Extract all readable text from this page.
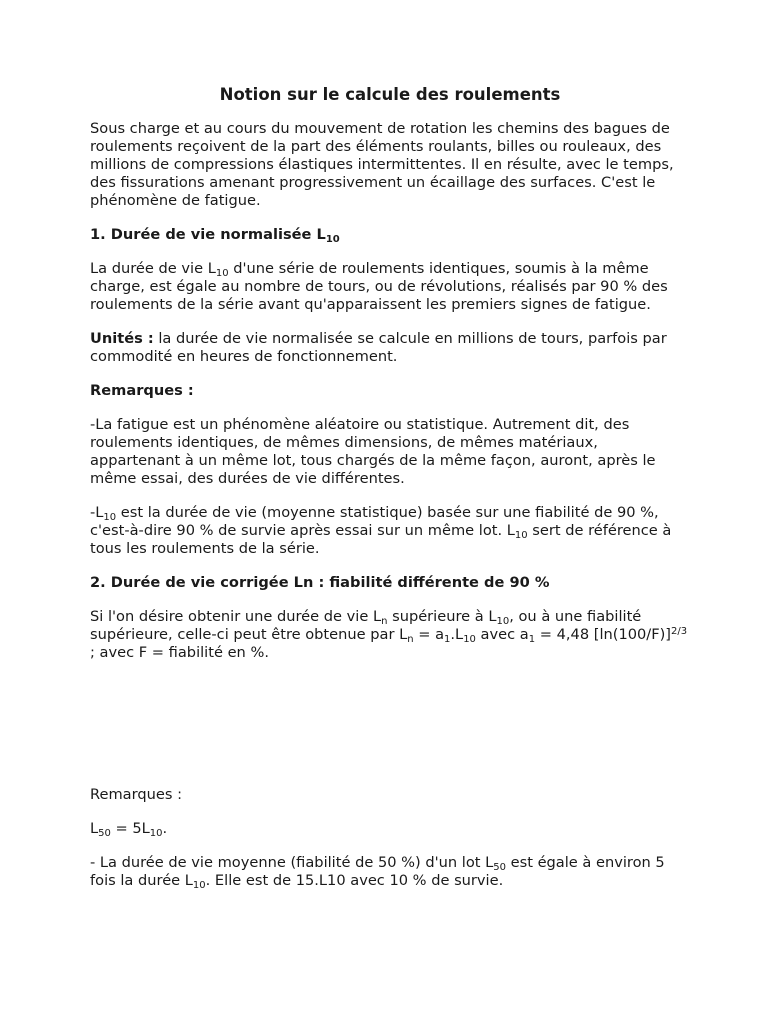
Notion sur le calcule des roulements

Sous charge et au cours du mouvement de rotation les chemins des bagues de roulements reçoivent de la part des éléments roulants, billes ou rouleaux, des millions de compressions élastiques intermittentes. Il en résulte, avec le temps, des fissurations amenant progressivement un écaillage des surfaces. C'est le phénomène de fatigue.

1. Durée de vie normalisée $L_{10}$

La durée de vie $L_{10}$ d'une série de roulements identiques, soumis à la même charge, est égale au nombre de tours, ou de révolutions, réalisés par 90 % des roulements de la série avant qu'apparaissent les premiers signes de fatigue.

Unités : la durée de vie normalisée se calcule en millions de tours, parfois par commodité en heures de fonctionnement.

Remarques :

-La fatigue est un phénomène aléatoire ou statistique. Autrement dit, des roulements identiques, de mêmes dimensions, de mêmes matériaux, appartenant à un même lot, tous chargés de la même façon, auront, après le même essai, des durées de vie différentes.

$-L_{10}$ est la durée de vie (moyenne statistique) basée sur une fiabilité de 90 %, c'est-à-dire 90 % de survie après essai sur un même lot. $L_{10}$ sert de référence à tous les roulements de la série.

2. Durée de vie corrigée Ln : fiabilité différente de 90 %

Si l'on désire obtenir une durée de vie $L_n$ supérieure à $L_{10}$, ou à une fiabilité supérieure, celle-ci peut être obtenue par $L_n = a_1.L_{10}$ avec $a_1 = 4,48$ $[\ln(100/F)]^{2/3}$ ; avec F = fiabilité en %.

Remarques :

$L_{50} = 5L_{10}$.

- La durée de vie moyenne (fiabilité de 50 %) d'un lot $L_{50}$ est égale à environ 5 fois la durée $L_{10}$. Elle est de 15.L10 avec 10 % de survie.
